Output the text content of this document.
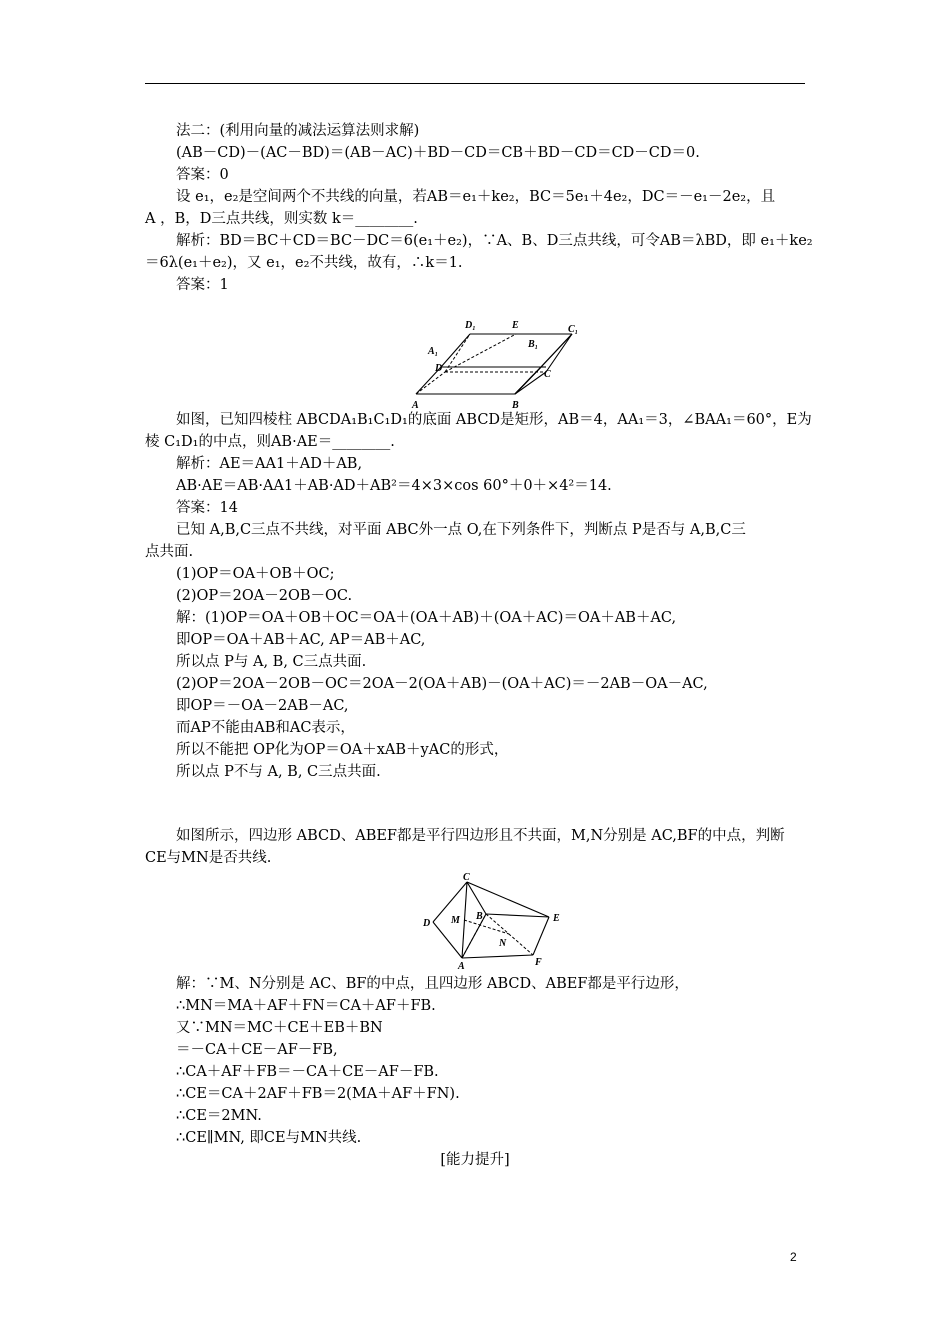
法二：(利用向量的减法运算法则求解)
(AB－CD)－(AC－BD)＝(AB－AC)＋BD－CD＝CB＋BD－CD＝CD－CD＝0.
答案：0
设 e₁，e₂是空间两个不共线的向量，若AB＝e₁＋ke₂，BC＝5e₁＋4e₂，DC＝－e₁－2e₂，且
A ，B，D三点共线，则实数 k＝________.
解析：BD＝BC＋CD＝BC－DC＝6(e₁＋e₂)，∵A、B、D三点共线，可令AB＝λBD，即 e₁＋ke₂
＝6λ(e₁＋e₂)，又 e₁，e₂不共线，故有，∴k＝1.
答案：1
D₁	E	C₁
A₁
B₁
D
C
A	B
如图，已知四棱柱 ABCDA₁B₁C₁D₁的底面 ABCD是矩形，AB＝4，AA₁＝3，∠BAA₁＝60°，E为
棱 C₁D₁的中点，则AB·AE＝________.
解析：AE＝AA1＋AD＋AB,
AB·AE＝AB·AA1＋AB·AD＋AB²＝4×3×cos 60°＋0＋×4²＝14.
答案：14
已知 A,B,C三点不共线，对平面 ABC外一点 O,在下列条件下，判断点 P是否与 A,B,C三
点共面.
(1)OP＝OA＋OB＋OC;
(2)OP＝2OA－2OB－OC.
解：(1)OP＝OA＋OB＋OC＝OA＋(OA＋AB)＋(OA＋AC)＝OA＋AB＋AC,
即OP＝OA＋AB＋AC, AP＝AB＋AC,
所以点 P与 A, B, C三点共面.
(2)OP＝2OA－2OB－OC＝2OA－2(OA＋AB)－(OA＋AC)＝－2AB－OA－AC,
即OP＝－OA－2AB－AC,
而AP不能由AB和AC表示，
所以不能把 OP化为OP＝OA＋xAB＋yAC的形式，
所以点 P不与 A, B, C三点共面.
如图所示，四边形 ABCD、ABEF都是平行四边形且不共面，M,N分别是 AC,BF的中点，判断
CE与MN是否共线.
C
D M B	E
N
A	F
解：∵M、N分别是 AC、BF的中点，且四边形 ABCD、ABEF都是平行边形，
∴MN＝MA＋AF＋FN＝CA＋AF＋FB.
又∵MN＝MC＋CE＋EB＋BN
＝－CA＋CE－AF－FB,
∴CA＋AF＋FB＝－CA＋CE－AF－FB.
∴CE＝CA＋2AF＋FB＝2(MA＋AF＋FN).
∴CE＝2MN.
∴CE∥MN, 即CE与MN共线.
[能力提升]
2
